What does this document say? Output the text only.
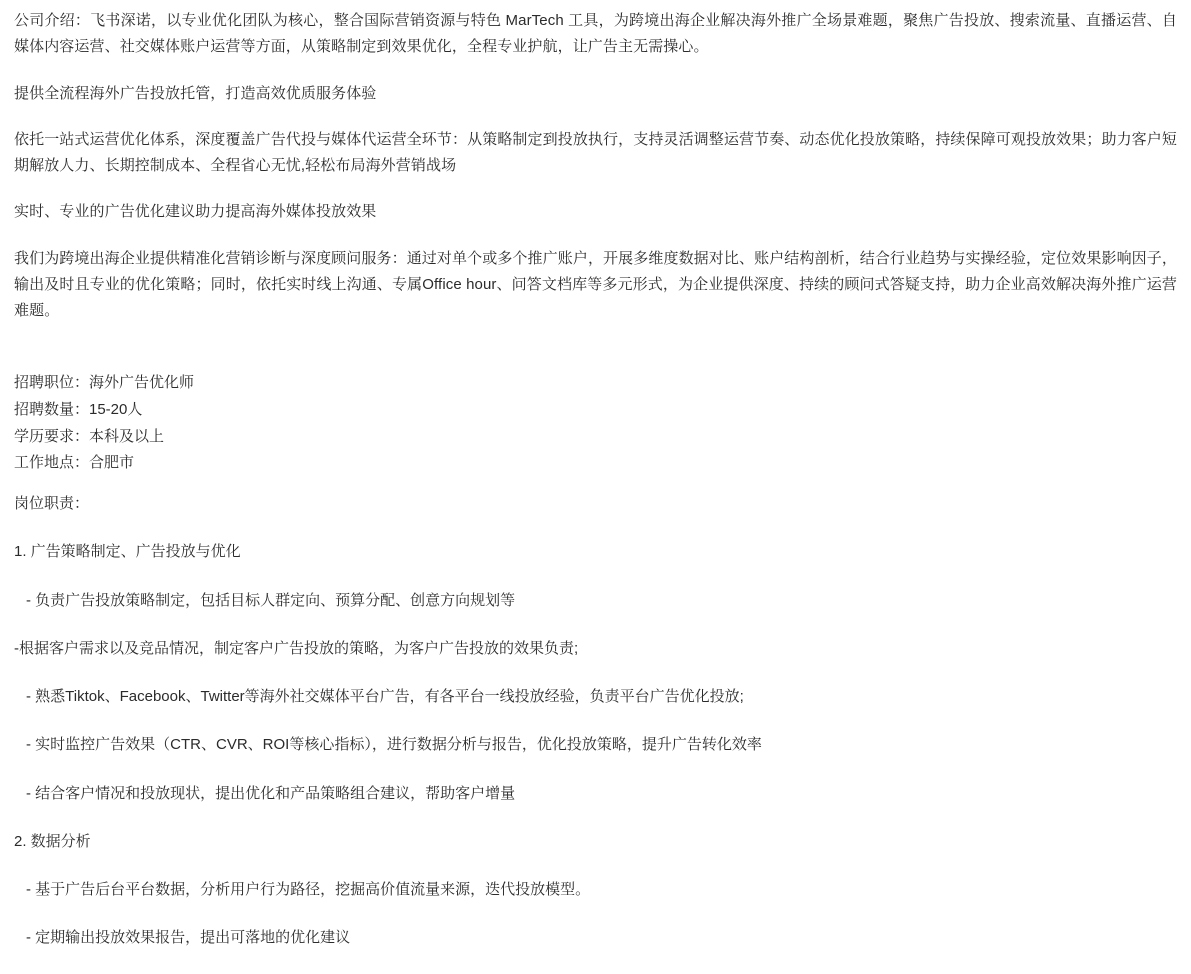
公司介绍：飞书深诺，以专业优化团队为核心，整合国际营销资源与特色 MarTech 工具，为跨境出海企业解决海外推广全场景难题，聚焦广告投放、搜索流量、直播运营、自媒体内容运营、社交媒体账户运营等方面，从策略制定到效果优化，全程专业护航，让广告主无需操心。

提供全流程海外广告投放托管，打造高效优质服务体验

依托一站式运营优化体系，深度覆盖广告代投与媒体代运营全环节：从策略制定到投放执行，支持灵活调整运营节奏、动态优化投放策略，持续保障可观投放效果；助力客户短期解放人力、长期控制成本、全程省心无忧,轻松布局海外营销战场

实时、专业的广告优化建议助力提高海外媒体投放效果

我们为跨境出海企业提供精准化营销诊断与深度顾问服务：通过对单个或多个推广账户，开展多维度数据对比、账户结构剖析，结合行业趋势与实操经验，定位效果影响因子，输出及时且专业的优化策略；同时，依托实时线上沟通、专属Office hour、问答文档库等多元形式，为企业提供深度、持续的顾问式答疑支持，助力企业高效解决海外推广运营难题。

招聘职位：海外广告优化师

招聘数量：15-20人

学历要求：本科及以上

工作地点：合肥市

岗位职责：

1. 广告策略制定、广告投放与优化

- 负责广告投放策略制定，包括目标人群定向、预算分配、创意方向规划等

-根据客户需求以及竞品情况，制定客户广告投放的策略，为客户广告投放的效果负责;

- 熟悉Tiktok、Facebook、Twitter等海外社交媒体平台广告，有各平台一线投放经验，负责平台广告优化投放;

- 实时监控广告效果（CTR、CVR、ROI等核心指标），进行数据分析与报告，优化投放策略，提升广告转化效率

- 结合客户情况和投放现状，提出优化和产品策略组合建议，帮助客户增量

2. 数据分析

- 基于广告后台平台数据，分析用户行为路径，挖掘高价值流量来源，迭代投放模型。

- 定期输出投放效果报告，提出可落地的优化建议
